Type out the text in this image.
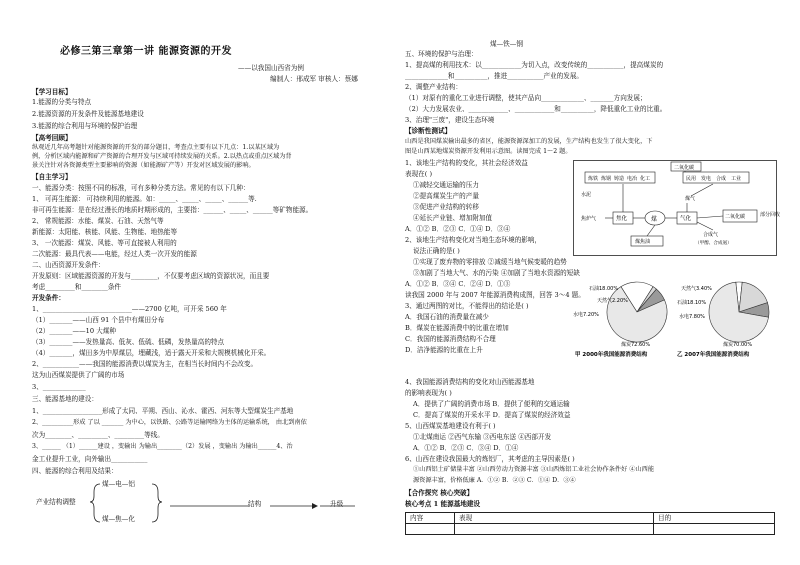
必修三第三章第一讲 能源资源的开发
——以我国山西省为例
编制人：邢成军 审核人：蔡娜
【学习目标】
1.能源的分类与特点
2.能源资源的开发条件及能源基地建设
3.能源的综合利用与环境的保护治理
【高考回顾】
纵观近几年高考题针对能源资源的开发的部分题目，考查点主要有以下几点：1.以某区域为
例，分析区域内能源和矿产资源的合理开发与区域可持续发展的关系。2.以热点或重点区域为背
景关注针对各资源类型主要影响的资源（如能源矿产等）开发对区域发展的影响。
【自主学习】
一、能源分类：按照不同的标准，可有多种分类方法。常见的有以下几种：
1、 可再生能源： 可持续利用的能源。如：_____、_____、_____、______等.
非可再生能源：是在经过漫长的地质时期形成的，主要指：______、_____、______等矿物能源。
2、 常规能源：水能、煤炭、石油、天然气等
新能源：太阳能、核能、风能、生物能、地热能等
3、 一次能源：煤炭、风能、等可直接被人利用的
二次能源：最具代表——电能，经过人类一次开发的能源
二、山西资源开发条件：
开发原则：区域能源资源的开发与________，不仅要考虑区域的资源状况，而且要
考虑_________和________条件
开发条件：
1、___________________________——2700 亿吨，可开采 560 年
（1）_______——山西 91 个县中有煤田分布
（2）_______——10 大煤种
（3）_______——发热量高、低灰、低硫、低磷，发热量高的特点
（4）_______，煤田多为中厚煤层，埋藏浅，适于露天开采和大规模机械化开采。
2、___________——我国的能源消费以煤炭为主，在相当长时间内不会改变。
这为山西煤炭提供了广阔的市场
3、_____________
三、能源基地的建设：
1、__________________形成了太同、平朔、西山、沁水、霍西、河东等大型煤炭生产基地
2、__________形成 了以 _______ 为中心，以铁路、公路等运输网络为主体的运输系统， 由北到南依
次为________、_________、_________等线。
3、______ （1）______建设 ，变输出 为输出________（2）发展 ，变输出 为输出______4、治
金工业提升工业，向外输出___________
四、能源的综合利用及结果：
产业结构调整
煤—电—铝
煤—焦—化
结构	升级
煤—铁—钢
五、环境的保护与治理：
1、提高煤的利用技术：以____________为切入点，改变传统的___________，提高煤炭的
_____________和__________，推进___________产业的发展。
2、调整产业结构：
（1）对原有的重化工业进行调整，使其产品向_____________、_______方向发展；
（2）大力发展农业、____________、____________和__________，降低重化工业的比重。
3、治理"三废"，建设生态环境
【诊断性测试】
山西是我国煤炭输出最多的省区，能源资源深加工的发展，生产结构也发生了很大变化，下
图是山西某地煤炭资源开发利用示意图。读图完成 1～2 题。
1、该地生产结构的变化，其社会经济效益
表现在( )
①减轻交通运输的压力
②提高煤炭生产的产量
③促进产业结构的转移
④延长产业链、增加附加值
A．①② B．②③ C．①④ D．③④
2、该地生产结构变化对当地生态环境的影响，
说法正确的是( )
①实现了废弃物的零排放 ②减缓当地气候变暖的趋势
③加剧了当地大气、水的污染 ④加剧了当地水资源的短缺
A．①② B．③④ C．②④ D．①③
读我国 2000 年与 2007 年能源消费构成图，回答 3～4 题。
3、通过两图的对比，不能得出的结论是( )
A．我国石油的消费量在减少
B．煤炭在能源消费中的比重在增加
C．我国的能源消费结构不合理
D．洁净能源的比重在上升
二氧化碳
炼铁 炼钢 铸造 电冶 化工	民用 发电 合成 工业
焦炉气	焦化	煤	气化
煤气
煤焦油
二氧化碳
合成气
（甲醇、合成氨）
部分回收
水泥
石油18.00%
天然气2.20%
水电7.20%
煤炭72.60%
天然气3.40%
石油18.10%
水电7.80%
煤炭70.00%
甲 2000年我国能源消费结构	乙 2007年我国能源消费结构
4、我国能源消费结构的变化对山西能源基地
的影响表现为( )
A．提供了广阔的消费市场 B．提供了便利的交通运输
C．提高了煤炭的开采水平 D．提高了煤炭的经济效益
5、山西煤炭基地建设有利于( )
①北煤南运 ②西气东输 ③西电东送 ④西部开发
A．①② B．②③ C．③④ D．①④
6、山西在建设我国最大的炼铝厂，其考虑的主导因素是( )
①山西铝土矿储量丰富 ②山西劳动力资源丰富 ③山西炼铝工业社会协作条件好 ④山西能
源资源丰富，价格低廉 A．①② B．②③ C．①④ D．③④
【合作探究 核心突破】
核心考点 1 能源基地建设
内容	表现	目的
